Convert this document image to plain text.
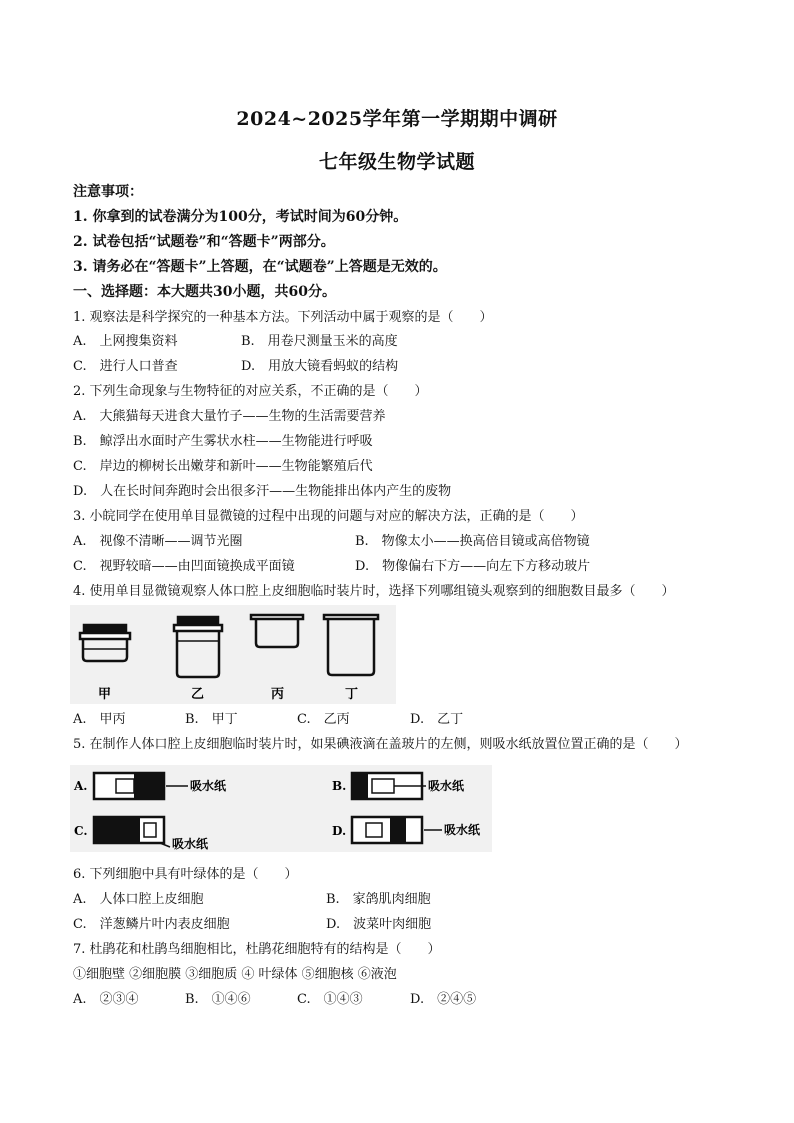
2024~2025学年第一学期期中调研
七年级生物学试题
注意事项：
1. 你拿到的试卷满分为100分，考试时间为60分钟。
2. 试卷包括“试题卷”和“答题卡”两部分。
3. 请务必在“答题卡”上答题，在“试题卷”上答题是无效的。
一、选择题：本大题共30小题，共60分。
1. 观察法是科学探究的一种基本方法。下列活动中属于观察的是（　　）
A.　上网搜集资料	B.　用卷尺测量玉米的高度
C.　进行人口普查	D.　用放大镜看蚂蚁的结构
2. 下列生命现象与生物特征的对应关系，不正确的是（　　）
A.　大熊猫每天进食大量竹子——生物的生活需要营养
B.　鲸浮出水面时产生雾状水柱——生物能进行呼吸
C.　岸边的柳树长出嫩芽和新叶——生物能繁殖后代
D.　人在长时间奔跑时会出很多汗——生物能排出体内产生的废物
3. 小皖同学在使用单目显微镜的过程中出现的问题与对应的解决方法，正确的是（　　）
A.　视像不清晰——调节光圈	B.　物像太小——换高倍目镜或高倍物镜
C.　视野较暗——由凹面镜换成平面镜	D.　物像偏右下方——向左下方移动玻片
4. 使用单目显微镜观察人体口腔上皮细胞临时装片时，选择下列哪组镜头观察到的细胞数目最多（　　）
甲	乙	丙	丁
A.　甲丙	B.　甲丁	C.　乙丙	D.　乙丁
5. 在制作人体口腔上皮细胞临时装片时，如果碘液滴在盖玻片的左侧，则吸水纸放置位置正确的是（　　）
A.	吸水纸	B.	吸水纸
C.
吸水纸
D.	吸水纸
6. 下列细胞中具有叶绿体的是（　　）
A.　人体口腔上皮细胞	B.　家鸽肌肉细胞
C.　洋葱鳞片叶内表皮细胞	D.　波菜叶肉细胞
7. 杜鹃花和杜鹃鸟细胞相比，杜鹃花细胞特有的结构是（　　）
①细胞壁 ②细胞膜 ③细胞质 ④ 叶绿体 ⑤细胞核 ⑥液泡
A.　②③④	B.　①④⑥	C.　①④③	D.　②④⑤
